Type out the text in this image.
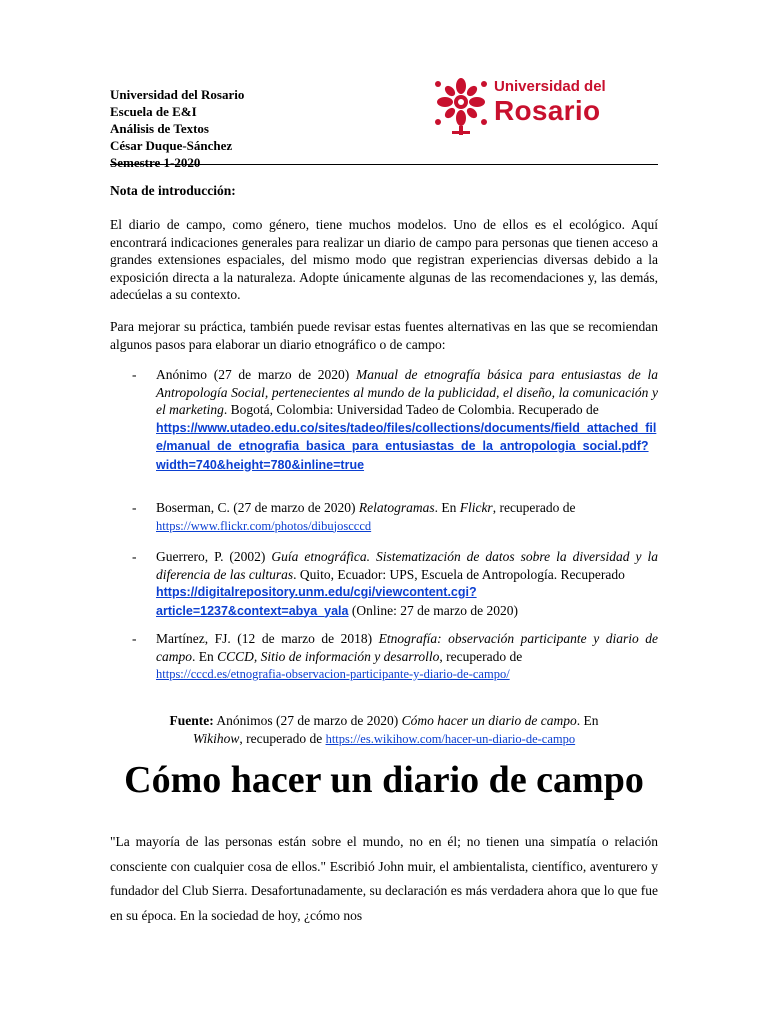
Universidad del Rosario
Escuela de E&I
Análisis de Textos
César Duque-Sánchez
Semestre 1-2020
Universidad del
Rosario
Nota de introducción:
El diario de campo, como género, tiene muchos modelos. Uno de ellos es el ecológico. Aquí encontrará indicaciones generales para realizar un diario de campo para personas que tienen acceso a grandes extensiones espaciales, del mismo modo que registran experiencias diversas debido a la exposición directa a la naturaleza. Adopte únicamente algunas de las recomendaciones y, las demás, adecúelas a su contexto.
Para mejorar su práctica, también puede revisar estas fuentes alternativas en las que se recomiendan algunos pasos para elaborar un diario etnográfico o de campo:
- Anónimo (27 de marzo de 2020) Manual de etnografía básica para entusiastas de la Antropología Social, pertenecientes al mundo de la publicidad, el diseño, la comunicación y el marketing. Bogotá, Colombia: Universidad Tadeo de Colombia. Recuperado de
https://www.utadeo.edu.co/sites/tadeo/files/collections/documents/field_attached_file/manual_de_etnografia_basica_para_entusiastas_de_la_antropologia_social.pdf?width=740&height=780&inline=true
- Boserman, C. (27 de marzo de 2020) Relatogramas. En Flickr, recuperado de
https://www.flickr.com/photos/dibujoscccd
- Guerrero, P. (2002) Guía etnográfica. Sistematización de datos sobre la diversidad y la diferencia de las culturas. Quito, Ecuador: UPS, Escuela de Antropología. Recuperado
https://digitalrepository.unm.edu/cgi/viewcontent.cgi?article=1237&context=abya_yala (Online: 27 de marzo de 2020)
- Martínez, FJ. (12 de marzo de 2018) Etnografía: observación participante y diario de campo. En CCCD, Sitio de información y desarrollo, recuperado de
https://cccd.es/etnografia-observacion-participante-y-diario-de-campo/
Fuente: Anónimos (27 de marzo de 2020) Cómo hacer un diario de campo. En
Wikihow, recuperado de https://es.wikihow.com/hacer-un-diario-de-campo
Cómo hacer un diario de campo
"La mayoría de las personas están sobre el mundo, no en él; no tienen una simpatía o relación consciente con cualquier cosa de ellos." Escribió John muir, el ambientalista, científico, aventurero y fundador del Club Sierra. Desafortunadamente, su declaración es más verdadera ahora que lo que fue en su época. En la sociedad de hoy, ¿cómo nos
